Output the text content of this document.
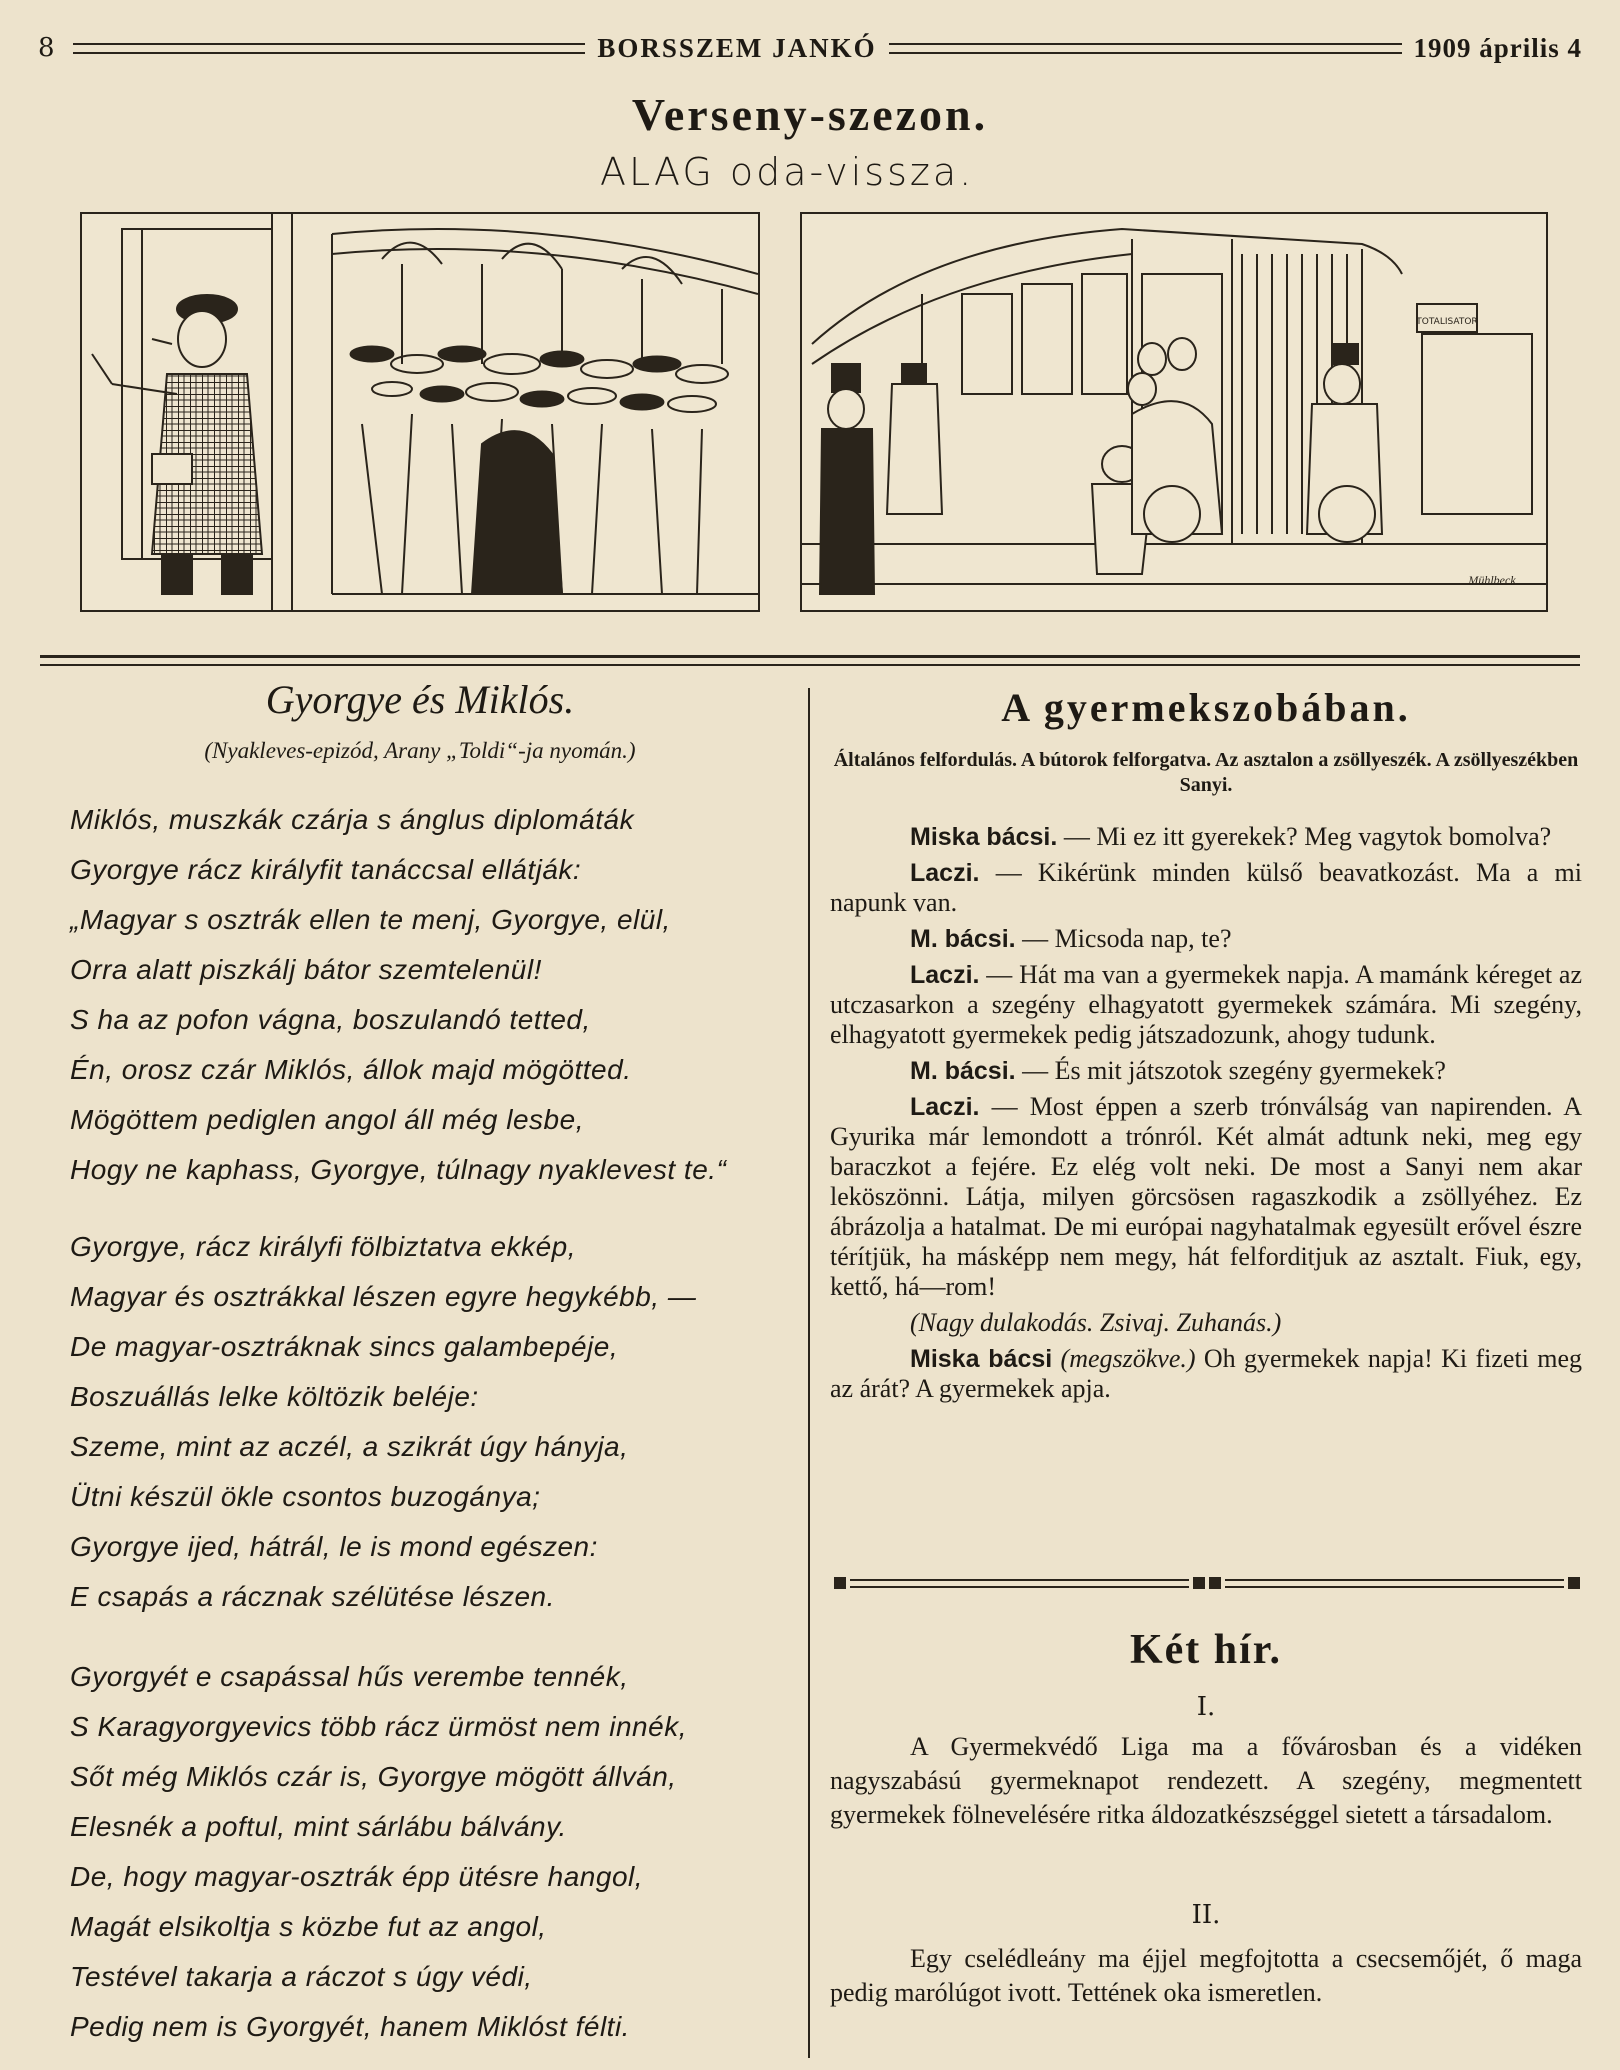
8	BORSSZEM JANKÓ	1909 április 4
Verseny-szezon.
ALAG oda-vissza.
TOTALISATOR
Mühlbeck
Gyorgye és Miklós.
(Nyakleves-epizód, Arany „Toldi“-ja nyomán.)
Miklós, muszkák czárja s ánglus diplomáták
Gyorgye rácz királyfit tanáccsal ellátják:
„Magyar s osztrák ellen te menj, Gyorgye, elül,
Orra alatt piszkálj bátor szemtelenül!
S ha az pofon vágna, boszulandó tetted,
Én, orosz czár Miklós, állok majd mögötted.
Mögöttem pediglen angol áll még lesbe,
Hogy ne kaphass, Gyorgye, túlnagy nyaklevest te.“
Gyorgye, rácz királyfi fölbiztatva ekkép,
Magyar és osztrákkal lészen egyre hegykébb, —
De magyar-osztráknak sincs galambepéje,
Boszuállás lelke költözik beléje:
Szeme, mint az aczél, a szikrát úgy hányja,
Ütni készül ökle csontos buzogánya;
Gyorgye ijed, hátrál, le is mond egészen:
E csapás a rácznak szélütése lészen.
Gyorgyét e csapással hűs verembe tennék,
S Karagyorgyevics több rácz ürmöst nem innék,
Sőt még Miklós czár is, Gyorgye mögött állván,
Elesnék a poftul, mint sárlábu bálvány.
De, hogy magyar-osztrák épp ütésre hangol,
Magát elsikoltja s közbe fut az angol,
Testével takarja a ráczot s úgy védi,
Pedig nem is Gyorgyét, hanem Miklóst félti.
A gyermekszobában.
Általános felfordulás. A bútorok felforgatva. Az asztalon a zsöllyeszék. A zsöllyeszékben Sanyi.

Miska bácsi. — Mi ez itt gyerekek? Meg vagytok bomolva?

Laczi. — Kikérünk minden külső beavatkozást. Ma a mi napunk van.

M. bácsi. — Micsoda nap, te?

Laczi. — Hát ma van a gyermekek napja. A mamánk kéreget az utczasarkon a szegény elhagyatott gyermekek számára. Mi szegény, elhagyatott gyermekek pedig játszadozunk, ahogy tudunk.

M. bácsi. — És mit játszotok szegény gyermekek?

Laczi. — Most éppen a szerb trónválság van napirenden. A Gyurika már lemondott a trónról. Két almát adtunk neki, meg egy baraczkot a fejére. Ez elég volt neki. De most a Sanyi nem akar leköszönni. Látja, milyen görcsösen ragaszkodik a zsöllyéhez. Ez ábrázolja a hatalmat. De mi európai nagyhatalmak egyesült erővel észre térítjük, ha másképp nem megy, hát felforditjuk az asztalt. Fiuk, egy, kettő, há—rom!

(Nagy dulakodás. Zsivaj. Zuhanás.)

Miska bácsi (megszökve.) Oh gyermekek napja! Ki fizeti meg az árát? A gyermekek apja.

Két hír.
I.

A Gyermekvédő Liga ma a fővárosban és a vidéken nagyszabású gyermeknapot rendezett. A szegény, megmentett gyermekek fölnevelésére ritka áldozatkészséggel sietett a társadalom.

II.

Egy cselédleány ma éjjel megfojtotta a csecsemőjét, ő maga pedig marólúgot ivott. Tettének oka ismeretlen.
